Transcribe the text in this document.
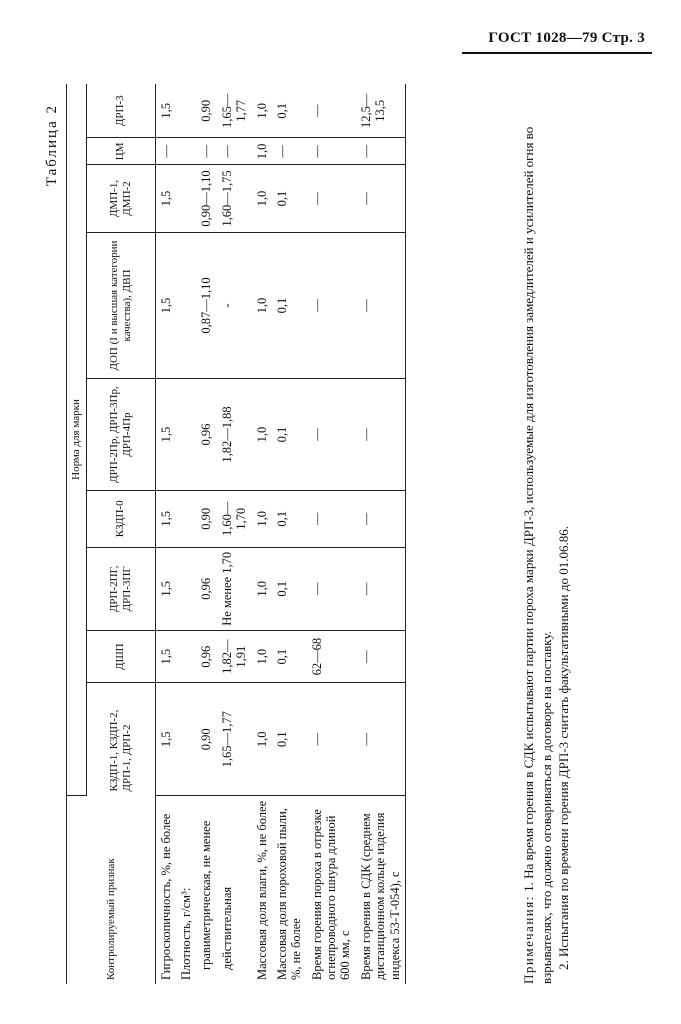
ГОСТ 1028—79 Стр. 3
Таблица 2
Контролируемый признак	Норма для марки								
	КЗДП-1, КЗДП-2, ДРП-1, ДРП-2	ДШП	ДРП-2ПГ, ДРП-3ПГ	КЗДП-0	ДРП-2Пр, ДРП-3Пр, ДРП-4Пр	ДОП (I и высшая категории качества), ДВП	ДМП-1, ДМП-2	ЦМ	ДРП-3
Гигроскопичность, %, не более	1,5	1,5	1,5	1,5	1,5	1,5	1,5	—	1,5
Плотность, г/см³:									
гравиметрическая, не менее	0,90	0,96	0,96	0,90	0,96	0,87—1,10	0,90—1,10	—	0,90
действительная	1,65—1,77	1,82—1,91	Не менее 1,70	1,60—1,70	1,82—1,88	-	1,60—1,75	—	1,65—1,77
Массовая доля влаги, %, не более	1,0	1,0	1,0	1,0	1,0	1,0	1,0	1,0	1,0
Массовая доля пороховой пыли, %, не более	0,1	0,1	0,1	0,1	0,1	0,1	0,1	—	0,1
Время горения пороха в отрезке огнепроводного шнура длиной 600 мм, с	—	62—68	—	—	—	—	—	—	—
Время горения в СДК (среднем дистанционном кольце изделия индекса 53-Т-054), с	—	—	—	—	—	—	—	—	12,5—13,5

Примечания: 1. На время горения в СДК испытывают партии пороха марки ДРП-3, используемые для изготовления замедлителей и усилителей огня во взрывателях, что должно оговариваться в договоре на поставку. 2. Испытания по времени горения ДРП-3 считать факультативными до 01.06.86.
